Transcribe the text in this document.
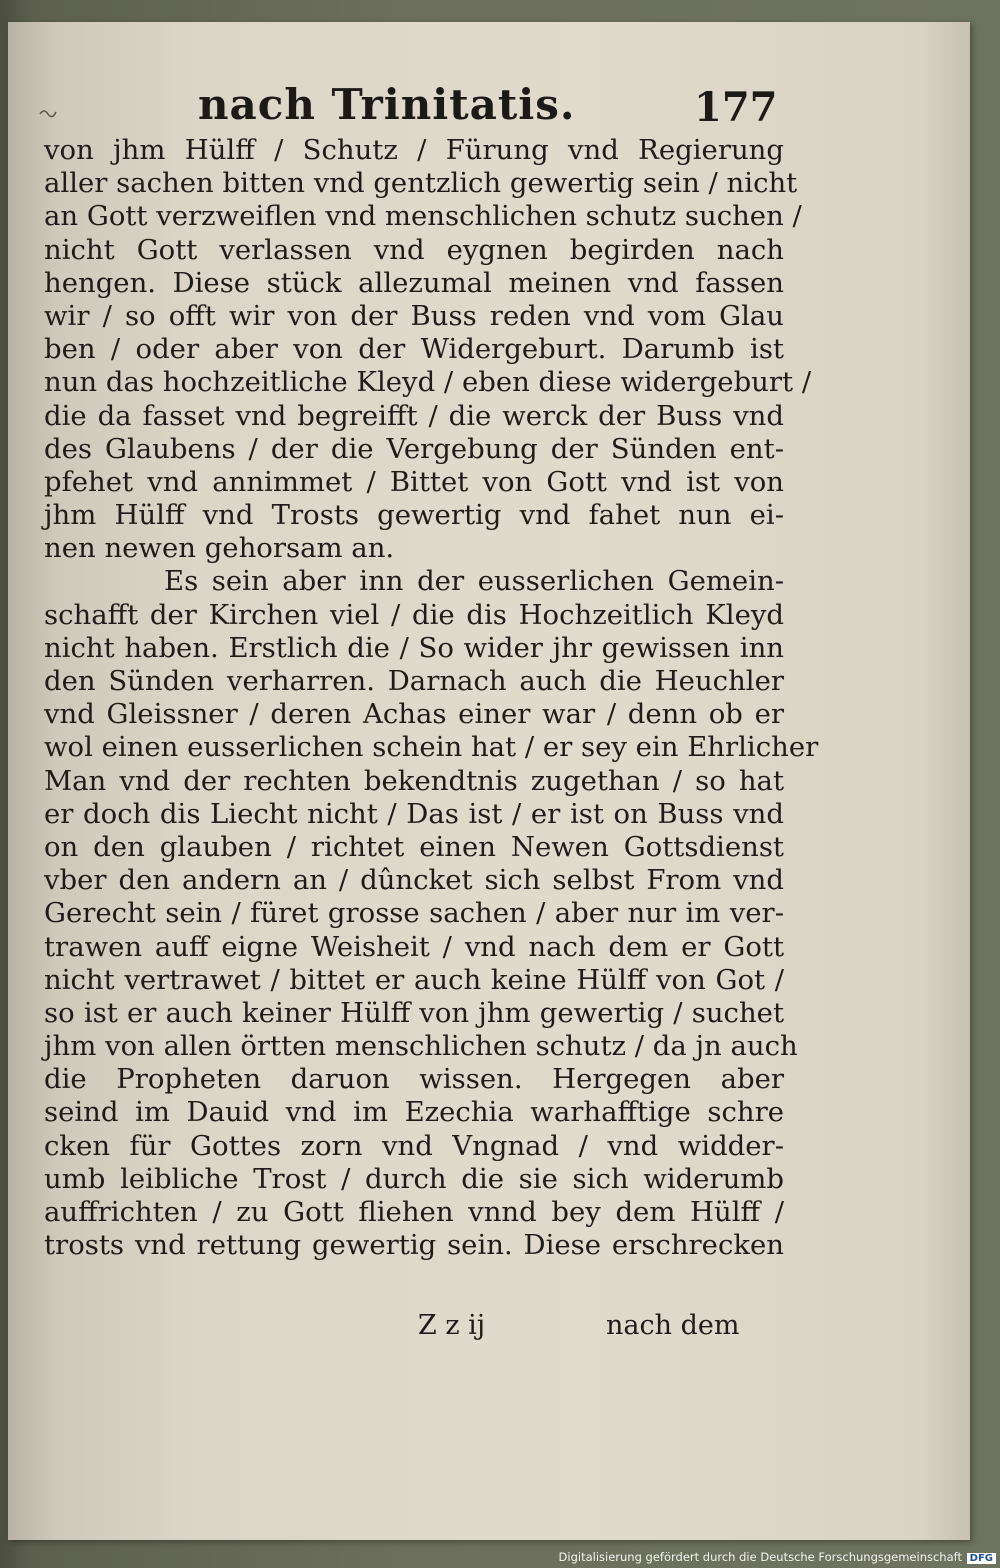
nach Trinitatis.	177
von jhm Hülff / Schutz / Fürung vnd Regierung
aller sachen bitten vnd gentzlich gewertig sein / nicht
an Gott verzweiflen vnd menschlichen schutz suchen /
nicht Gott verlassen vnd eygnen begirden nach
hengen. Diese stück allezumal meinen vnd fassen
wir / so offt wir von der Buss reden vnd vom Glau
ben / oder aber von der Widergeburt. Darumb ist
nun das hochzeitliche Kleyd / eben diese widergeburt /
die da fasset vnd begreifft / die werck der Buss vnd
des Glaubens / der die Vergebung der Sünden ent-
pfehet vnd annimmet / Bittet von Gott vnd ist von
jhm Hülff vnd Trosts gewertig vnd fahet nun ei-
nen newen gehorsam an.
Es sein aber inn der eusserlichen Gemein-
schafft der Kirchen viel / die dis Hochzeitlich Kleyd
nicht haben. Erstlich die / So wider jhr gewissen inn
den Sünden verharren. Darnach auch die Heuchler
vnd Gleissner / deren Achas einer war / denn ob er
wol einen eusserlichen schein hat / er sey ein Ehrlicher
Man vnd der rechten bekendtnis zugethan / so hat
er doch dis Liecht nicht / Das ist / er ist on Buss vnd
on den glauben / richtet einen Newen Gottsdienst
vber den andern an / dûncket sich selbst From vnd
Gerecht sein / füret grosse sachen / aber nur im ver-
trawen auff eigne Weisheit / vnd nach dem er Gott
nicht vertrawet / bittet er auch keine Hülff von Got /
so ist er auch keiner Hülff von jhm gewertig / suchet
jhm von allen örtten menschlichen schutz / da jn auch
die Propheten daruon wissen. Hergegen aber
seind im Dauid vnd im Ezechia warhafftige schre
cken für Gottes zorn vnd Vngnad / vnd widder-
umb leibliche Trost / durch die sie sich widerumb
auffrichten / zu Gott fliehen vnnd bey dem Hülff /
trosts vnd rettung gewertig sein. Diese erschrecken
Z z ij	nach dem
Digitalisierung gefördert durch die Deutsche Forschungsgemeinschaft DFG
